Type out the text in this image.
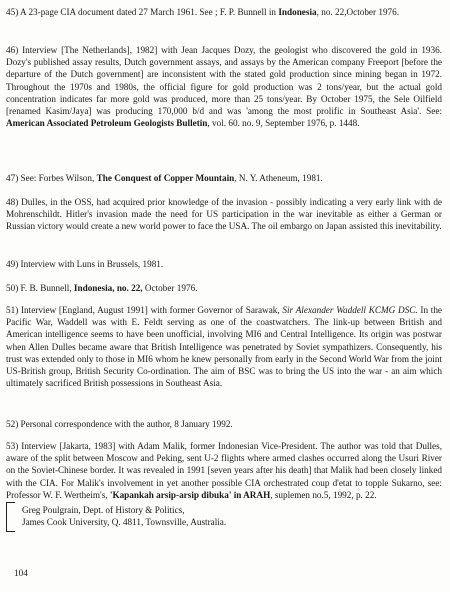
45) A 23-page CIA document dated 27 March 1961. See ; F. P. Bunnell in Indonesia, no. 22,October 1976.

46) Interview [The Netherlands], 1982] with Jean Jacques Dozy, the geologist who discovered the gold in 1936. Dozy's published assay results, Dutch government assays, and assays by the American company Freeport [before the departure of the Dutch government] are inconsistent with the stated gold production since mining began in 1972. Throughout the 1970s and 1980s, the official figure for gold production was 2 tons/year, but the actual gold concentration indicates far more gold was produced, more than 25 tons/year. By October 1975, the Sele Oilfield [renamed Kasim/Jaya] was producing 170,000 b/d and was 'among the most prolific in Southeast Asia'. See: American Associated Petroleum Geologists Bulletin, vol. 60. no. 9, September 1976, p. 1448.

47) See: Forbes Wilson, The Conquest of Copper Mountain, N. Y. Atheneum, 1981.

48) Dulles, in the OSS, had acquired prior knowledge of the invasion - possibly indicating a very early link with de Mohrenschildt. Hitler's invasion made the need for US participation in the war inevitable as either a German or Russian victory would create a new world power to face the USA. The oil embargo on Japan assisted this inevitability.

49) Interview with Luns in Brussels, 1981.

50) F. B. Bunnell, Indonesia, no. 22, October 1976.

51) Interview [England, August 1991] with former Governor of Sarawak, Sir Alexander Waddell KCMG DSC. In the Pacific War, Waddell was with E. Feldt serving as one of the coastwatchers. The link-up between British and American intelligence seems to have been unofficial, involving MI6 and Central Intelligence. Its origin was postwar when Allen Dulles became aware that British Intelligence was penetrated by Soviet sympathizers. Consequently, his trust was extended only to those in MI6 whom he knew personally from early in the Second World War from the joint US-British group, British Security Co-ordination. The aim of BSC was to bring the US into the war - an aim which ultimately sacrificed British possessions in Southeast Asia.

52) Personal correspondence with the author, 8 January 1992.

53) Interview [Jakarta, 1983] with Adam Malik, former Indonesian Vice-President. The author was told that Dulles, aware of the split between Moscow and Peking, sent U-2 flights where armed clashes occurred along the Usuri River on the Soviet-Chinese border. It was revealed in 1991 [seven years after his death] that Malik had been closely linked with the CIA. For Malik's involvement in yet another possible CIA orchestrated coup d'etat to topple Sukarno, see: Professor W. F. Wertheim's, 'Kapankah arsip-arsip dibuka' in ARAH, suplemen no.5, 1992, p. 22.

Greg Poulgrain, Dept. of History & Politics,
James Cook University, Q. 4811, Townsville, Australia.
104
